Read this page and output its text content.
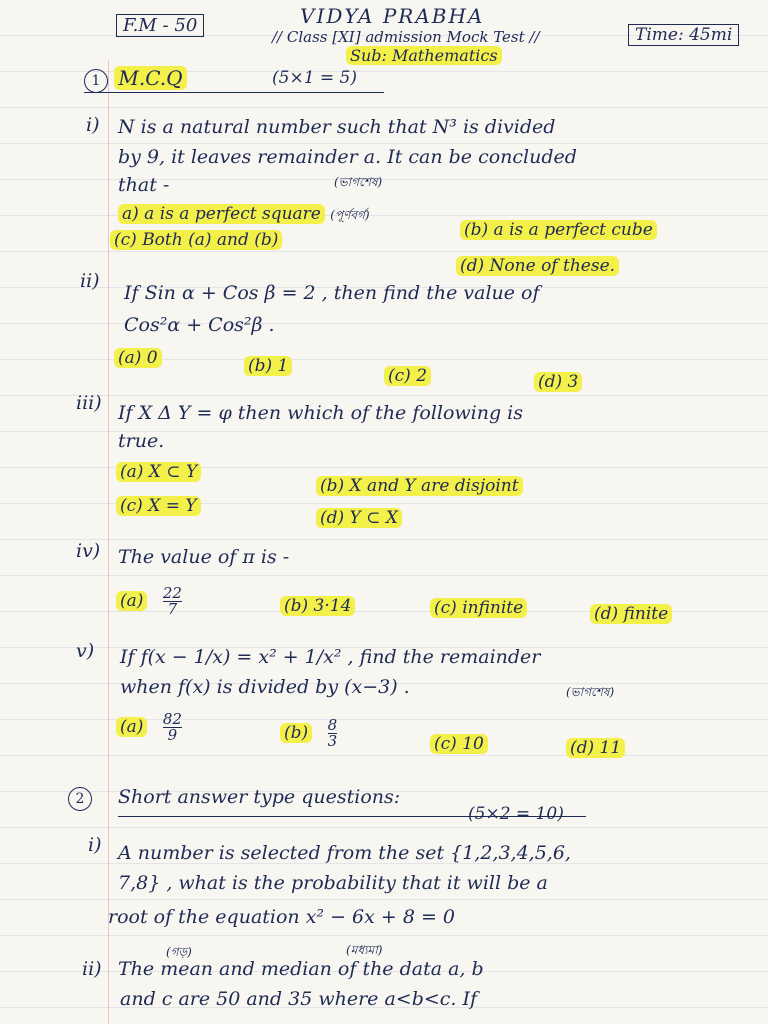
F.M - 50	VIDYA PRABHA
// Class [XI] admission Mock Test //	Time: 45mi
Sub: Mathematics
1 M.C.Q	(5×1 = 5)
i) N is a natural number such that N³ is divided
by 9, it leaves remainder a. It can be concluded
that -	(ভাগশেষ)
a) a is a perfect square (পূর্ণবর্গ)
(b) a is a perfect cube
(c) Both (a) and (b)
(d) None of these.
ii)
If Sin α + Cos β = 2 , then find the value of
Cos²α + Cos²β .
(a) 0	(b) 1	(c) 2	(d) 3
iii) If X Δ Y = φ then which of the following is
true.
(a) X ⊂ Y
(b) X and Y are disjoint
(c) X = Y
(d) Y ⊂ X
iv) The value of π is -
$(a) \frac{22}{7}$	(b) 3·14	(c) infinite	(d) finite
v) If f(x − 1/x) = x² + 1/x² , find the remainder
when f(x) is divided by (x−3) .	(ভাগশেষ)
$(a) \frac{82}{9}$	$(b) \frac{8}{3}$	(c) 10	(d) 11
2	Short answer type questions:
(5×2 = 10)
i) A number is selected from the set {1,2,3,4,5,6,
7,8} , what is the probability that it will be a
root of the equation x² − 6x + 8 = 0
(গড়)	(মধ্যমা)
ii) The mean and median of the data a, b
and c are 50 and 35 where a<b<c. If
